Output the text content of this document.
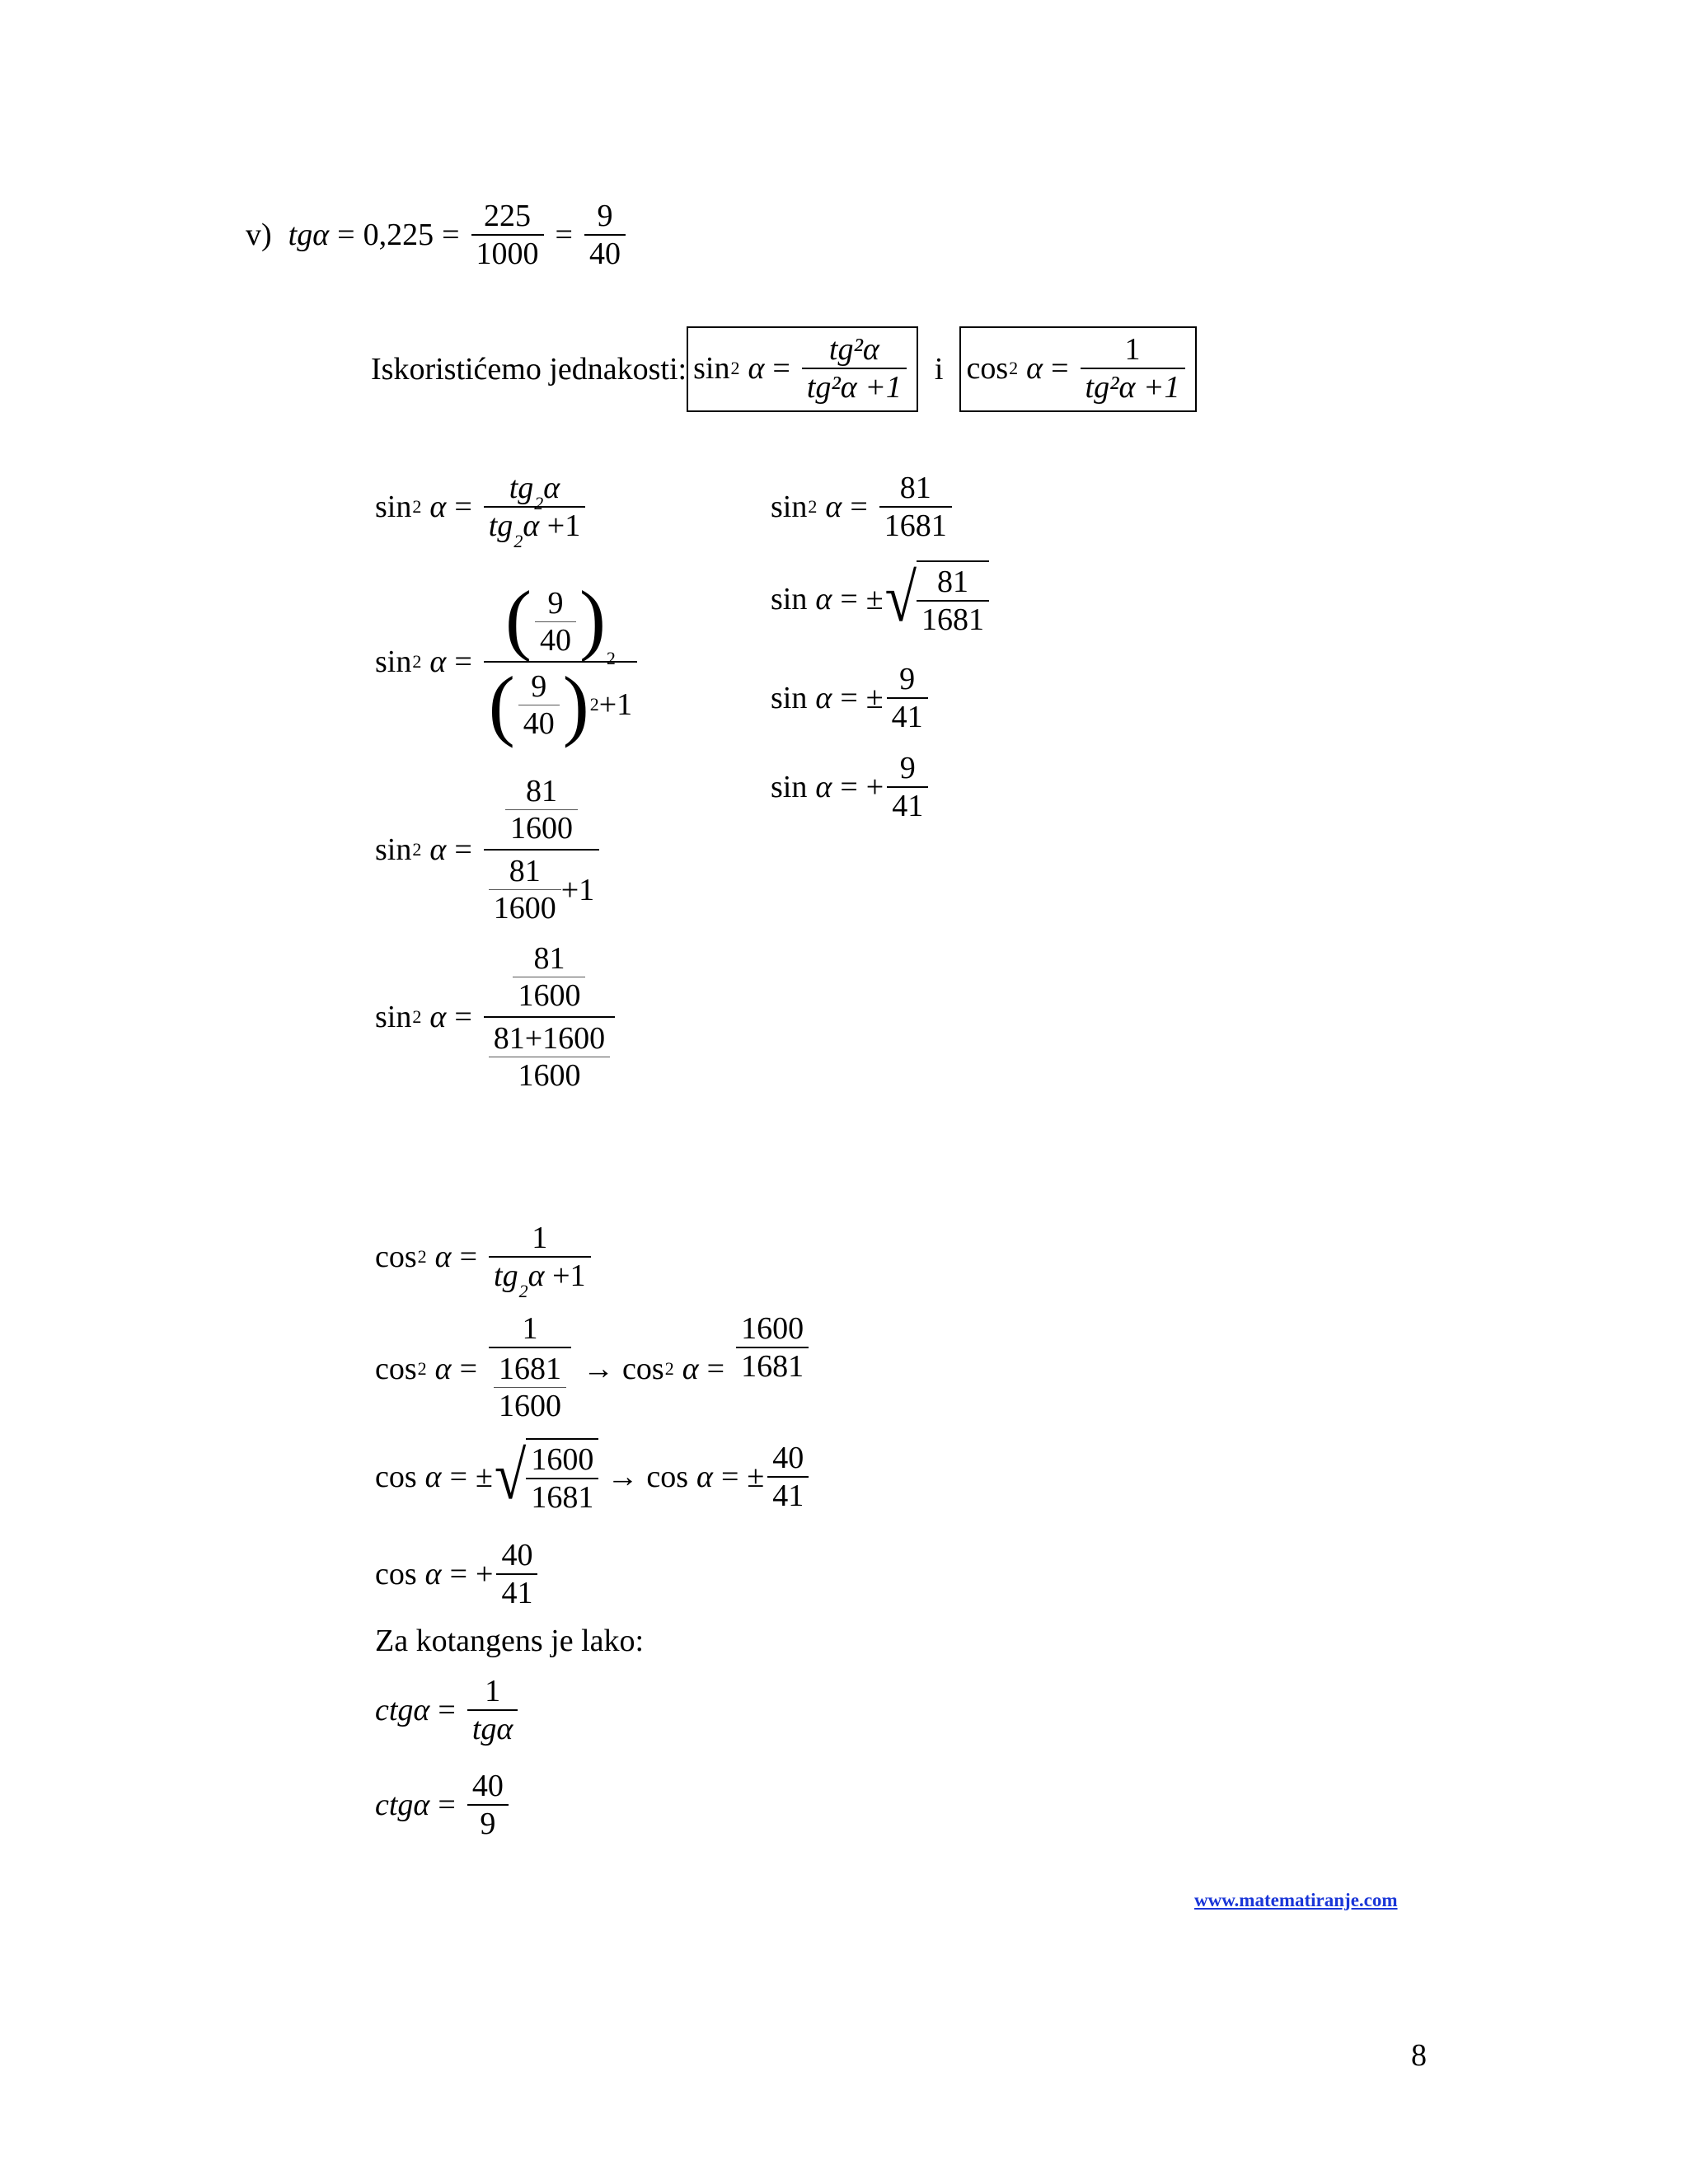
v) tgα = 0,225 =
225
1000
=
9
40
Iskoristićemo jednakosti: sin 2 α =
tg²α
tg²α +1
i cos 2 α =
1
tg²α +1
sin 2 α =
tg 2 α
tg 2 α
+1
sin 2 α = ( 9
40 ) 2
( 9
40 ) 2 +1
sin 2 α =
81
1600
81
1600
+1
sin 2 α =
81
1600
81+1600
1600
sin 2 α =
81
1681
sin α = ± √ 81
1681
sin α = ±
9
41
sin α = +
9
41
cos 2 α =
1
tg 2 α
+1
cos 2 α =
1
1681
1600
→ cos 2 α =
1600
1681
cos α = ± √ 1600
1681
→ cos α = ±
40
41
cos α = +
40
41
Za kotangens je lako:
ctgα =
1
tgα
ctgα =
40
9
www.matematiranje.com
8
